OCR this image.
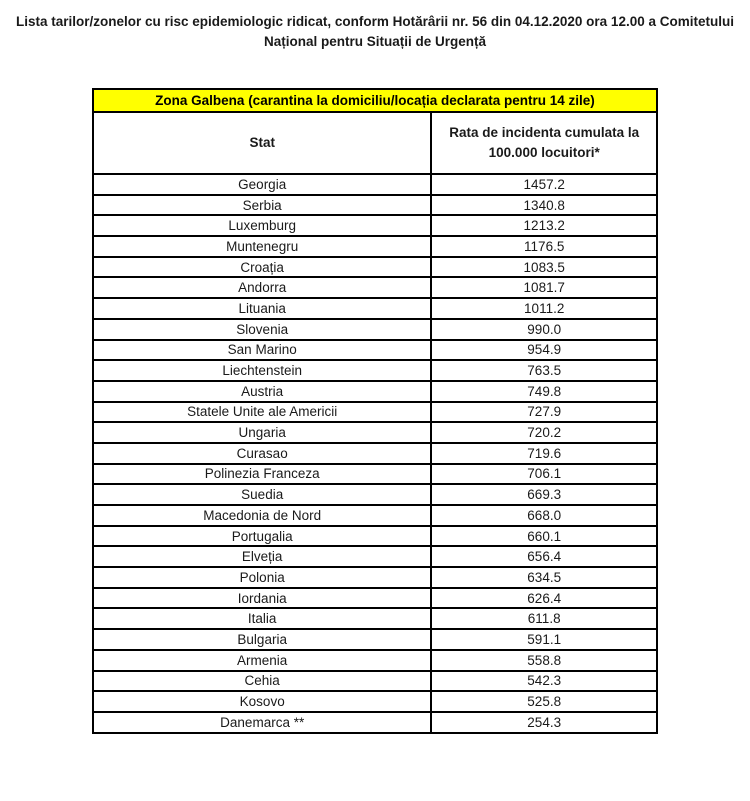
Lista tarilor/zonelor cu risc epidemiologic ridicat, conform Hotărârii nr. 56 din 04.12.2020 ora 12.00 a Comitetului
Național pentru Situații de Urgență
Zona Galbena (carantina la domiciliu/locația declarata pentru 14 zile)	
Stat	Rata de incidenta cumulata la 100.000 locuitori*

Georgia	1457.2
Serbia	1340.8
Luxemburg	1213.2
Muntenegru	1176.5
Croația	1083.5
Andorra	1081.7
Lituania	1011.2
Slovenia	990.0
San Marino	954.9
Liechtenstein	763.5
Austria	749.8
Statele Unite ale Americii	727.9
Ungaria	720.2
Curasao	719.6
Polinezia Franceza	706.1
Suedia	669.3
Macedonia de Nord	668.0
Portugalia	660.1
Elveția	656.4
Polonia	634.5
Iordania	626.4
Italia	611.8
Bulgaria	591.1
Armenia	558.8
Cehia	542.3
Kosovo	525.8
Danemarca **	254.3
